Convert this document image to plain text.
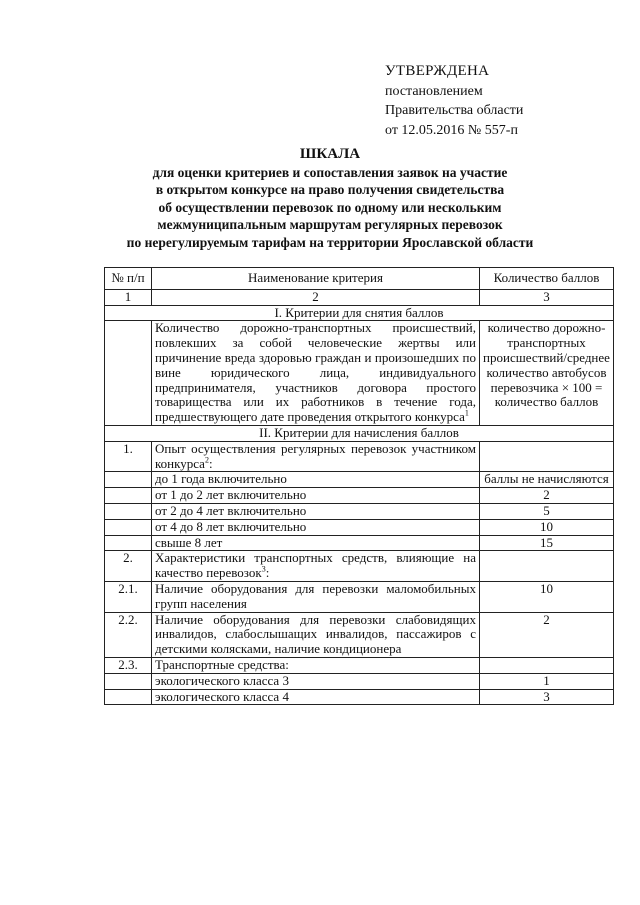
УТВЕРЖДЕНА
постановлением
Правительства области
от 12.05.2016 № 557-п
ШКАЛА
для оценки критериев и сопоставления заявок на участие
в открытом конкурсе на право получения свидетельства
об осуществлении перевозок по одному или нескольким
межмуниципальным маршрутам регулярных перевозок
по нерегулируемым тарифам на территории Ярославской области
№ п/п	Наименование критерия	Количество баллов
1	2	3
I. Критерии для снятия баллов		
	Количество дорожно-транспортных происшествий, повлекших за собой человеческие жертвы или причинение вреда здоровью граждан и произошедших по вине юридического лица, индивидуального предпринимателя, участников договора простого товарищества или их работников в течение года, предшествующего дате проведения открытого конкурса$^1$	количество дорожно-транспортных происшествий/среднее количество автобусов перевозчика × 100 = количество баллов
II. Критерии для начисления баллов		
1.	Опыт осуществления регулярных перевозок участником конкурса$^2$:	
	до 1 года включительно	баллы не начисляются
	от 1 до 2 лет включительно	2
	от 2 до 4 лет включительно	5
	от 4 до 8 лет включительно	10
	свыше 8 лет	15
2.	Характеристики транспортных средств, влияющие на качество перевозок$^3$:	
2.1.	Наличие оборудования для перевозки маломобильных групп населения	10
2.2.	Наличие оборудования для перевозки слабовидящих инвалидов, слабослышащих инвалидов, пассажиров с детскими колясками, наличие кондиционера	2
2.3.	Транспортные средства:	
	экологического класса 3	1
	экологического класса 4	3
